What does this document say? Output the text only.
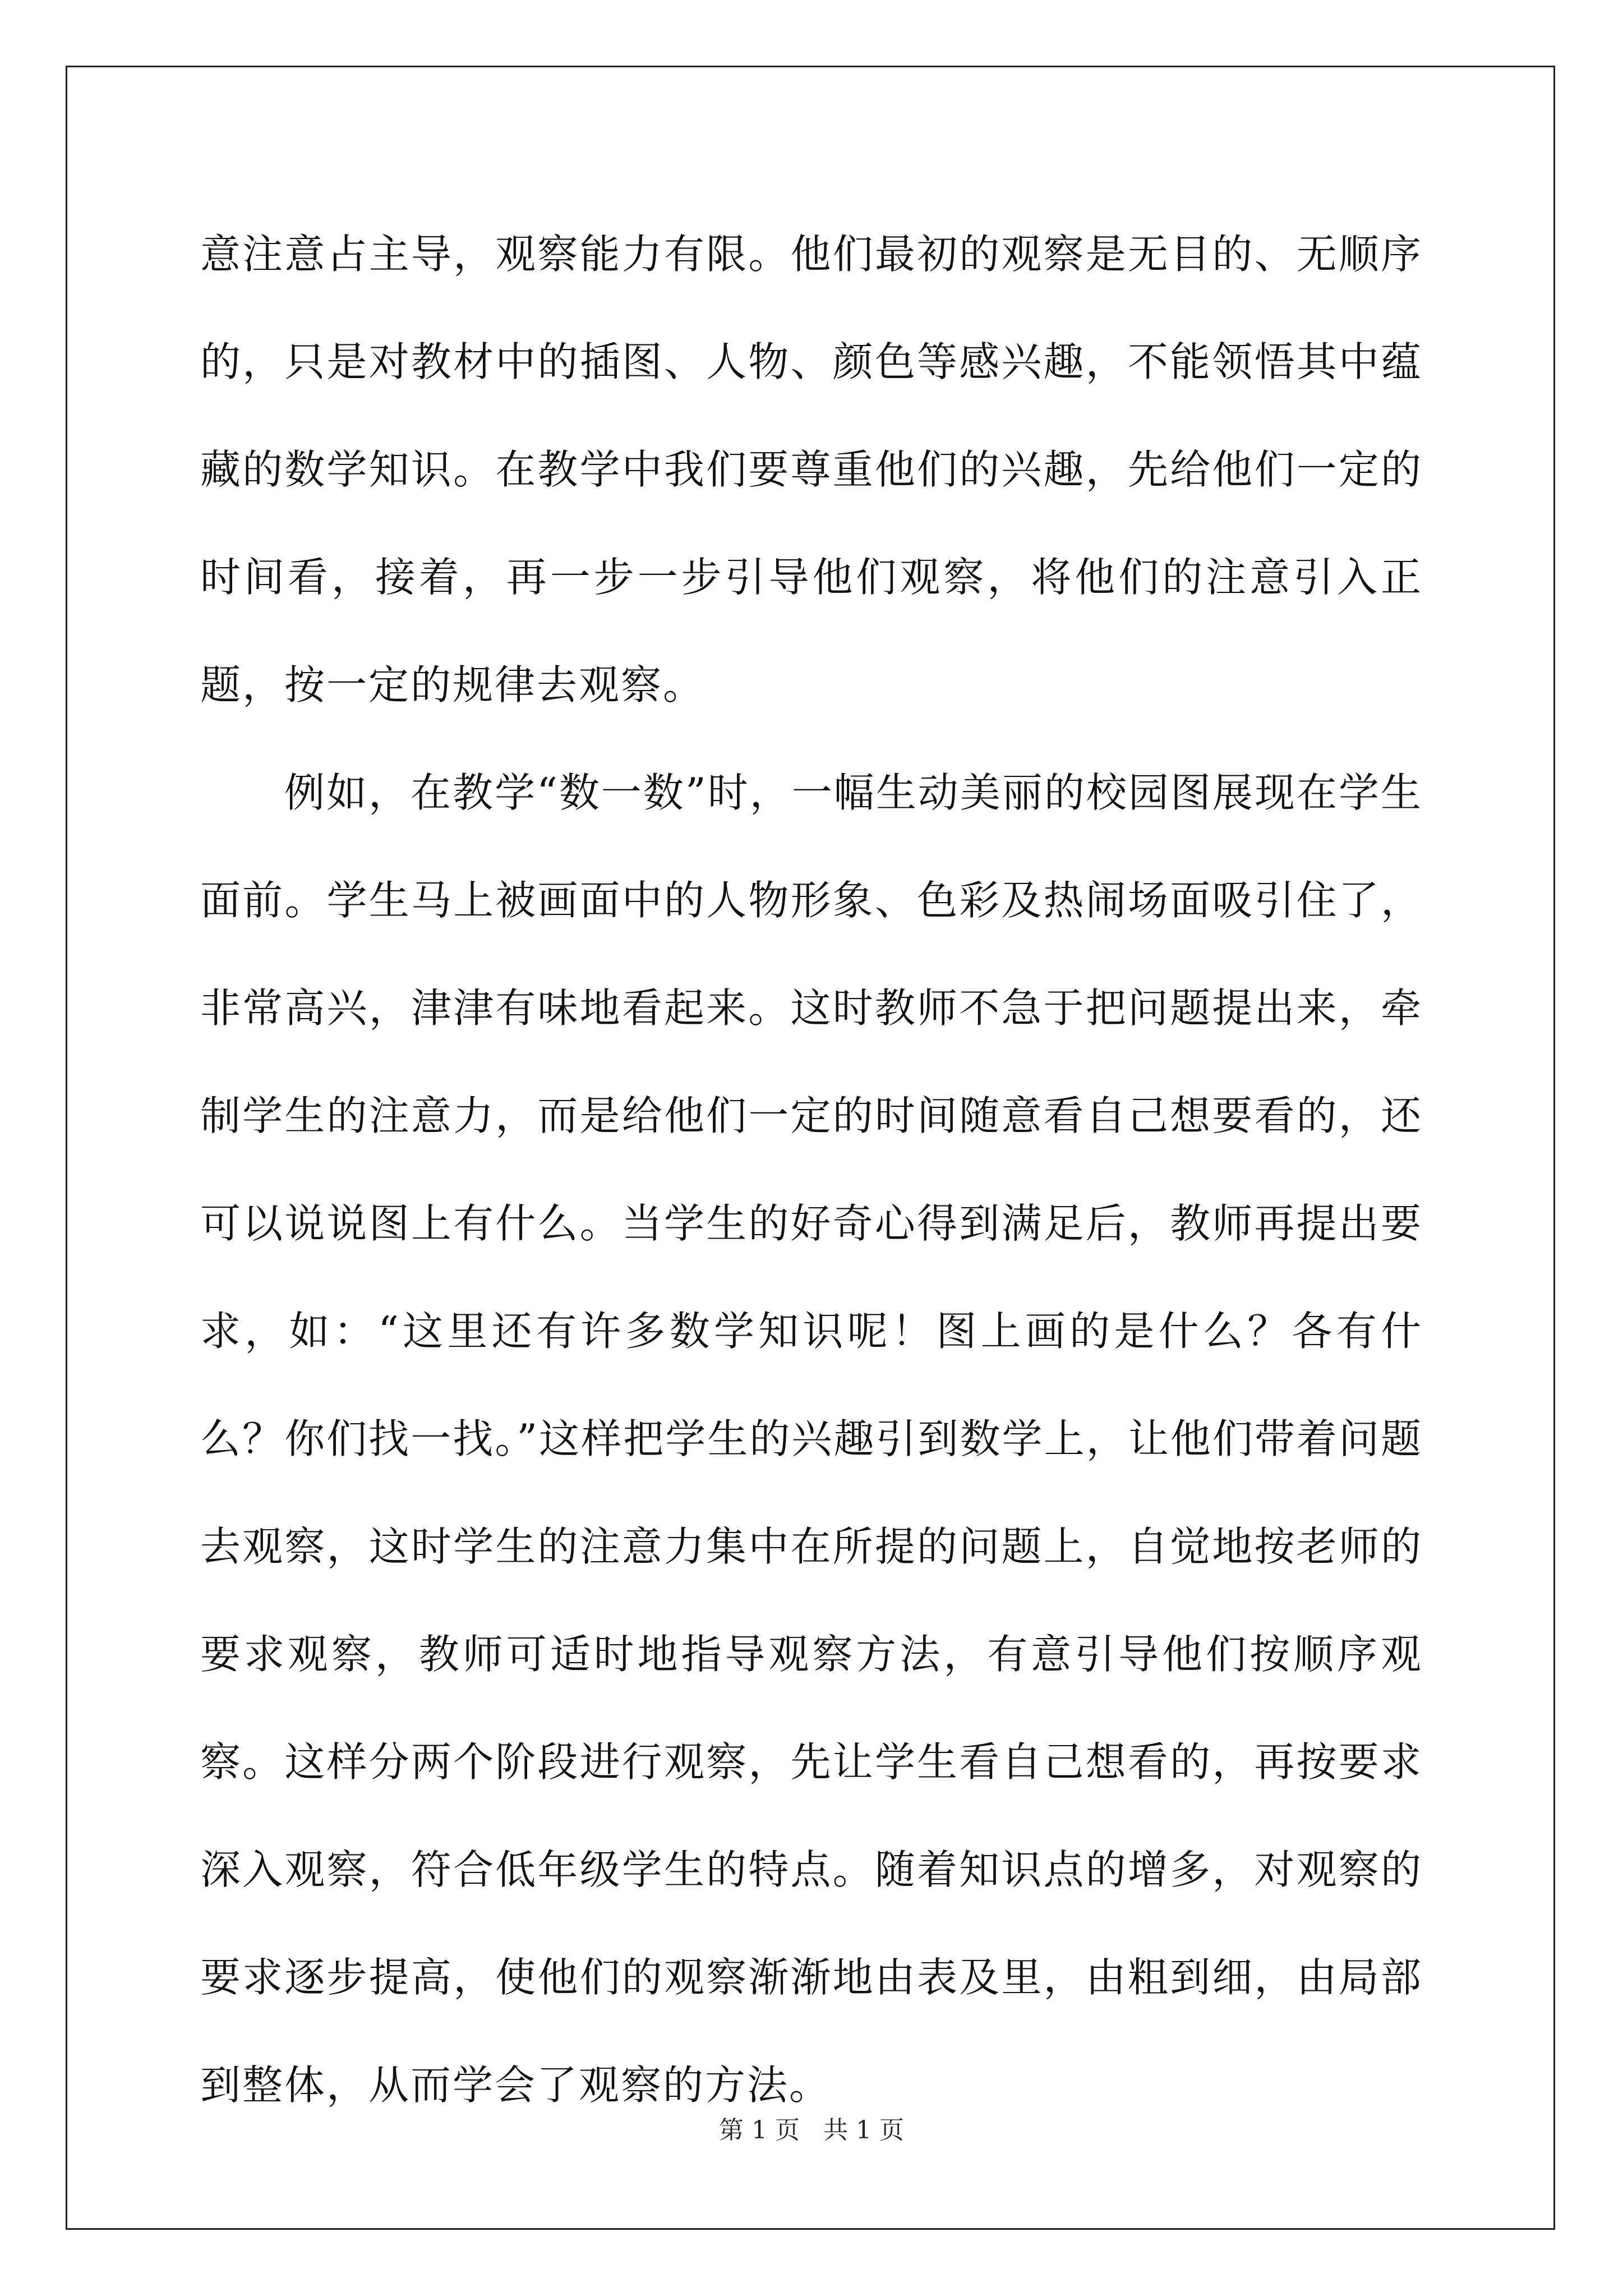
意注意占主导，观察能力有限。他们最初的观察是无目的、无顺序的，只是对教材中的插图、人物、颜色等感兴趣，不能领悟其中蕴藏的数学知识。在教学中我们要尊重他们的兴趣，先给他们一定的时间看，接着，再一步一步引导他们观察，将他们的注意引入正题，按一定的规律去观察。

例如，在教学“数一数”时，一幅生动美丽的校园图展现在学生面前。学生马上被画面中的人物形象、色彩及热闹场面吸引住了，非常高兴，津津有味地看起来。这时教师不急于把问题提出来，牵制学生的注意力，而是给他们一定的时间随意看自己想要看的，还可以说说图上有什么。当学生的好奇心得到满足后，教师再提出要求，如：“这里还有许多数学知识呢！图上画的是什么？各有什么？你们找一找。”这样把学生的兴趣引到数学上，让他们带着问题去观察，这时学生的注意力集中在所提的问题上，自觉地按老师的要求观察，教师可适时地指导观察方法，有意引导他们按顺序观察。这样分两个阶段进行观察，先让学生看自己想看的，再按要求深入观察，符合低年级学生的特点。随着知识点的增多，对观察的要求逐步提高，使他们的观察渐渐地由表及里，由粗到细，由局部到整体，从而学会了观察的方法。

第 1 页   共 1 页
